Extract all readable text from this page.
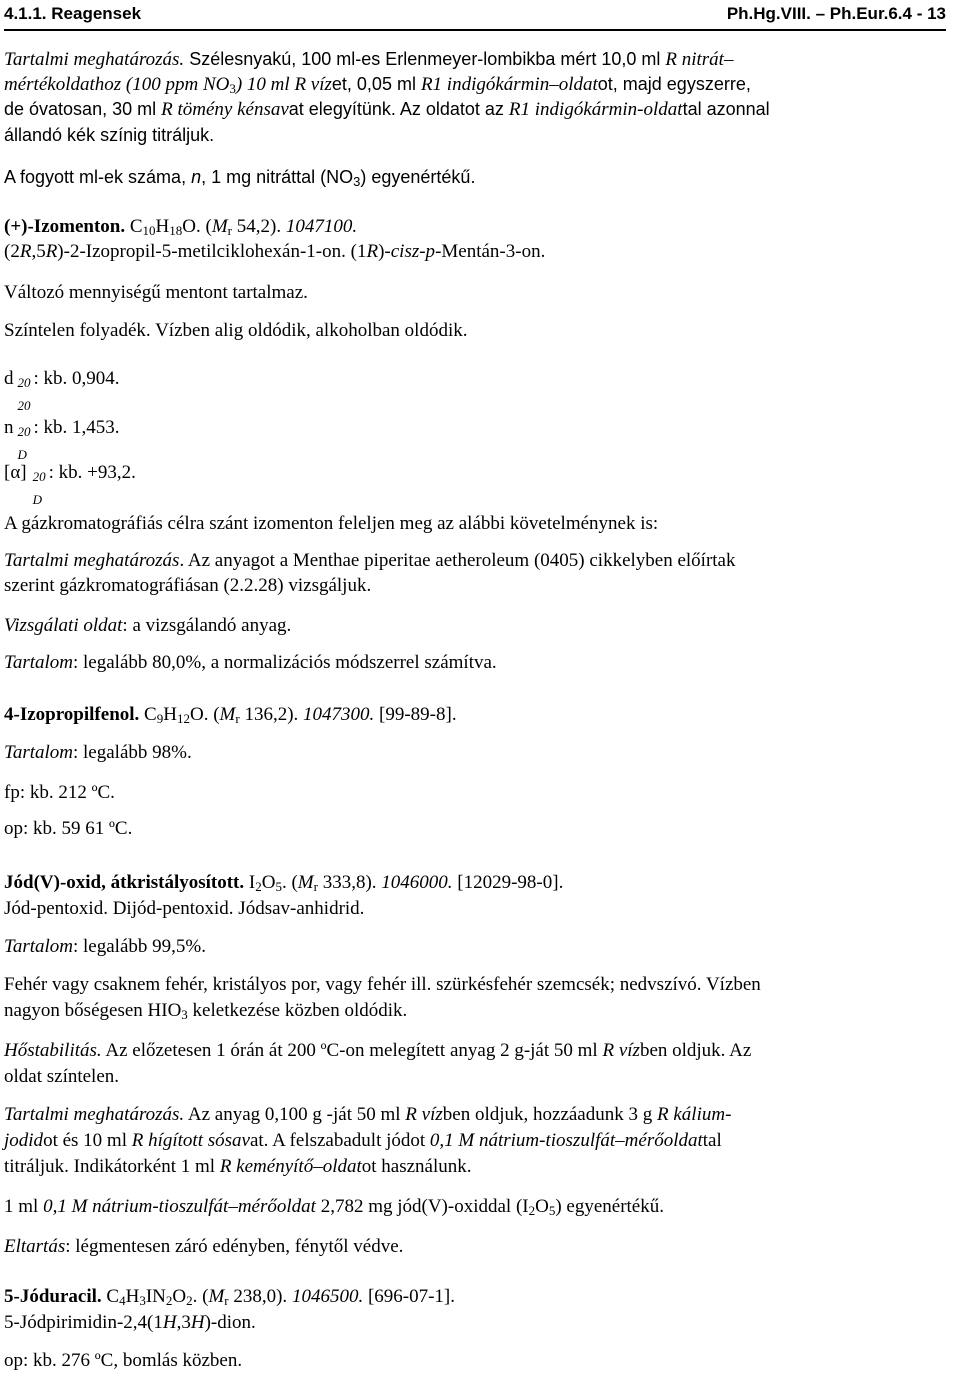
4.1.1. Reagensek	Ph.Hg.VIII. – Ph.Eur.6.4 - 13
Tartalmi meghatározás. Szélesnyakú, 100 ml-es Erlenmeyer-lombikba mért 10,0 ml R nitrát–
mértékoldathoz (100 ppm $NO_3$) 10 ml R vízet, 0,05 ml R1 indigókármin–oldatot, majd egyszerre,
de óvatosan, 30 ml R tömény kénsavat elegyítünk. Az oldatot az R1 indigókármin-oldattal azonnal
állandó kék színig titráljuk.
A fogyott ml-ek száma, n, 1 mg nitráttal $(NO_3)$ egyenértékű.
(+)-Izomenton. $C_{10}H_{18}O$. ($M_r$ 54,2). 1047100.
(2R,5R)-2-Izopropil-5-metilciklohexán-1-on. (1R)-cisz-p-Mentán-3-on.
Változó mennyiségű mentont tartalmaz.
Színtelen folyadék. Vízben alig oldódik, alkoholban oldódik.
d 20
20
: kb. 0,904.
n 20
D
: kb. 1,453.
[α] 20
D
: kb. +93,2.
A gázkromatográfiás célra szánt izomenton feleljen meg az alábbi követelménynek is:
Tartalmi meghatározás. Az anyagot a Menthae piperitae aetheroleum (0405) cikkelyben előírtak
szerint gázkromatográfiásan (2.2.28) vizsgáljuk.
Vizsgálati oldat: a vizsgálandó anyag.
Tartalom: legalább 80,0%, a normalizációs módszerrel számítva.
4-Izopropilfenol. $C_9H_{12}O$. ($M_r$ 136,2). 1047300. [99-89-8].
Tartalom: legalább 98%.
fp: kb. 212 ºC.
op: kb. 59 61 ºC.
Jód(V)-oxid, átkristályosított. $I_2O_5$. ($M_r$ 333,8). 1046000. [12029-98-0].
Jód-pentoxid. Dijód-pentoxid. Jódsav-anhidrid.
Tartalom: legalább 99,5%.
Fehér vagy csaknem fehér, kristályos por, vagy fehér ill. szürkésfehér szemcsék; nedvszívó. Vízben
nagyon bőségesen $HIO_3$ keletkezése közben oldódik.
Hőstabilitás. Az előzetesen 1 órán át 200 ºC-on melegített anyag 2 g-ját 50 ml R vízben oldjuk. Az
oldat színtelen.
Tartalmi meghatározás. Az anyag 0,100 g -ját 50 ml R vízben oldjuk, hozzáadunk 3 g R kálium-
jodidot és 10 ml R hígított sósavat. A felszabadult jódot 0,1 M nátrium-tioszulfát–mérőoldattal
titráljuk. Indikátorként 1 ml R keményítő–oldatot használunk.
1 ml 0,1 M nátrium-tioszulfát–mérőoldat 2,782 mg jód(V)-oxiddal $(I_2O_5)$ egyenértékű.
Eltartás: légmentesen záró edényben, fénytől védve.
5-Jóduracil. $C_4H_3IN_2O_2$. ($M_r$ 238,0). 1046500. [696-07-1].
5-Jódpirimidin-2,4(1H,3H)-dion.
op: kb. 276 ºC, bomlás közben.
